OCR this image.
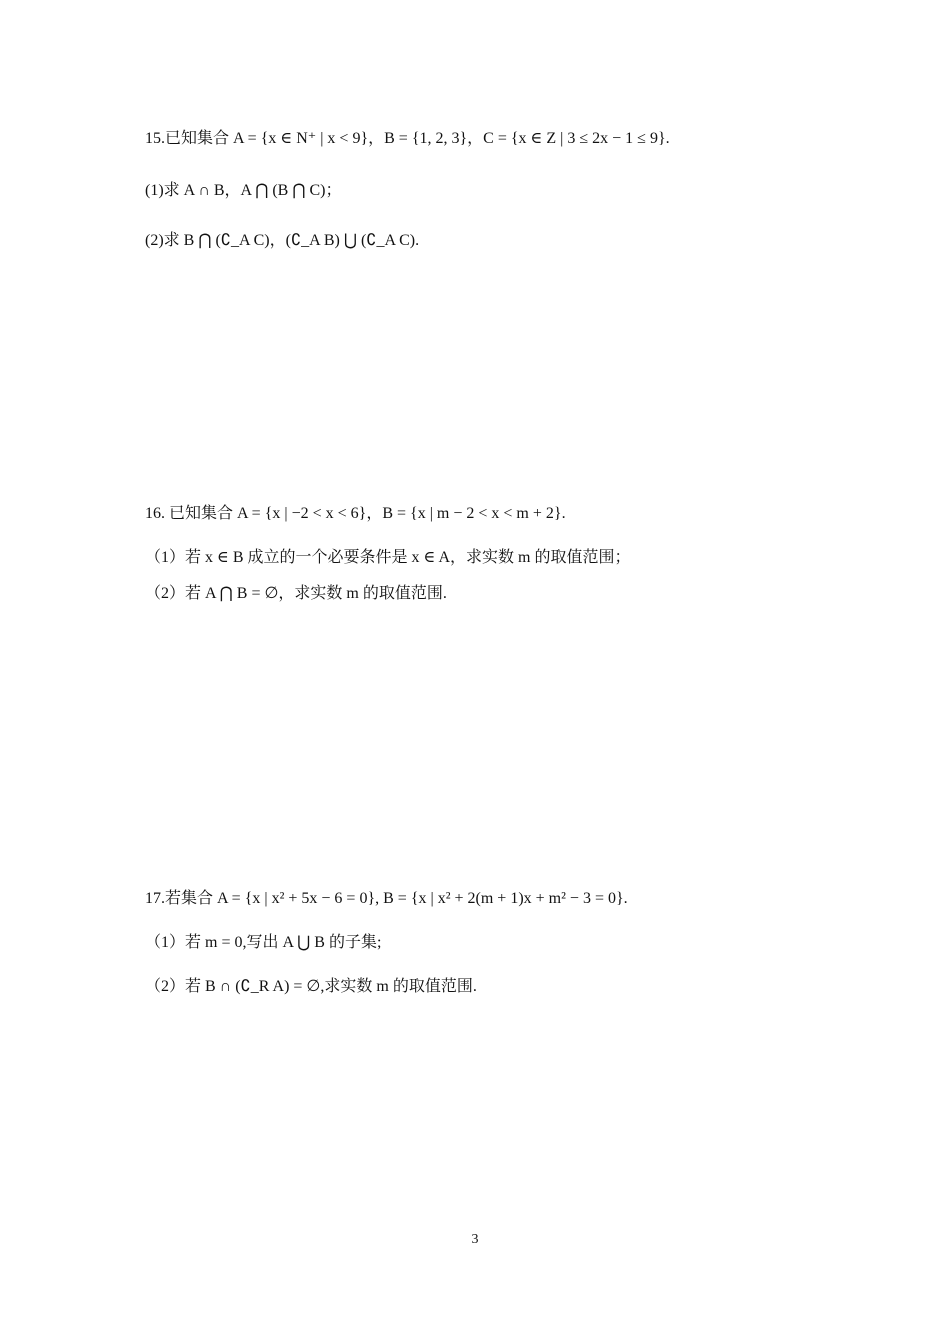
15.已知集合 A = {x ∈ N⁺ | x < 9}，B = {1, 2, 3}，C = {x ∈ Z | 3 ≤ 2x − 1 ≤ 9}.
(1)求 A ∩ B，A ⋂ (B ⋂ C)；
(2)求 B ⋂ (∁_A C)，(∁_A B) ⋃ (∁_A C).
16. 已知集合 A = {x | −2 < x < 6}，B = {x | m − 2 < x < m + 2}.
（1）若 x ∈ B 成立的一个必要条件是 x ∈ A，求实数 m 的取值范围；
（2）若 A ⋂ B = ∅，求实数 m 的取值范围.
17.若集合 A = {x | x² + 5x − 6 = 0}, B = {x | x² + 2(m + 1)x + m² − 3 = 0}.
（1）若 m = 0,写出 A ⋃ B 的子集;
（2）若 B ∩ (∁_R A) = ∅,求实数 m 的取值范围.
3
